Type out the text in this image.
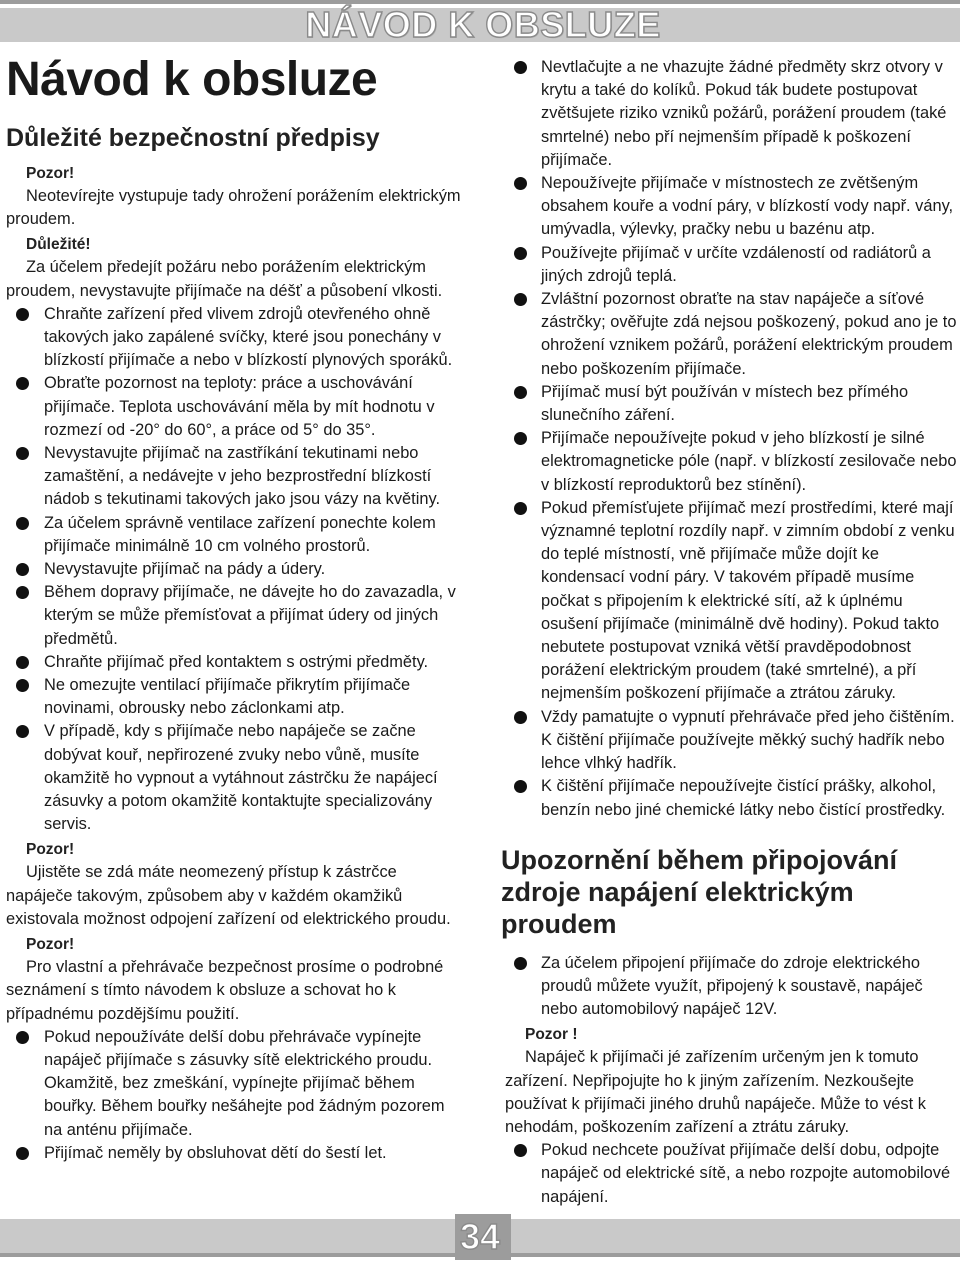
NÁVOD K OBSLUZE
Návod k obsluze
Důležité bezpečnostní předpisy
Pozor!

Neotevírejte vystupuje tady ohrožení porážením elektrickým proudem.

Důležité!

Za účelem předejít požáru nebo porážením elektrickým proudem, nevystavujte přijímače na déšť a působení vlkosti.

Chraňte zařízení před vlivem zdrojů otevřeného ohně takových jako zapálené svíčky, které jsou ponechány v blízkostí přijímače a nebo v blízkostí plynových sporáků.
Obraťte pozornost na teploty: práce a uschovávání přijímače. Teplota uschovávání měla by mít hodnotu v rozmezí od -20° do 60°, a práce od 5° do 35°.
Nevystavujte přijímač na zastříkání tekutinami nebo zamaštění, a nedávejte v jeho bezprostřední blízkostí nádob s tekutinami takových jako jsou vázy na květiny.
Za účelem správně ventilace zařízení ponechte kolem přijímače minimálně 10 cm volného prostorů.
Nevystavujte přijímač na pády a údery.
Během dopravy přijímače, ne dávejte ho do zavazadla, v kterým se může přemísťovat a přijímat údery od jiných předmětů.
Chraňte přijímač před kontaktem s ostrými předměty.
Ne omezujte ventilací přijímače přikrytím přijímače novinami, obrousky nebo záclonkami atp.
V případě, kdy s přijímače nebo napáječe se začne dobývat kouř, nepřirozené zvuky nebo vůně, musíte okamžitě ho vypnout a vytáhnout zástrčku že napájecí zásuvky a potom okamžitě kontaktujte specializovány servis.
Pozor!

Ujistěte se zdá máte neomezený přístup k zástrčce napáječe takovým, způsobem aby v každém okamžiků existovala možnost odpojení zařízení od elektrického proudu.

Pozor!

Pro vlastní a přehrávače bezpečnost prosíme o podrobné seznámení s tímto návodem k obsluze a schovat ho k případnému pozdějšímu použití.

Pokud nepoužíváte delší dobu přehrávače vypínejte napáječ přijímače s zásuvky sítě elektrického proudu. Okamžitě, bez zmeškání, vypínejte přijímač během bouřky. Během bouřky nešáhejte pod žádným pozorem na anténu přijímače.
Přijímač neměly by obsluhovat dětí do šestí let.
Nevtlačujte a ne vhazujte žádné předměty skrz otvory v krytu a také do kolíků. Pokud ták budete postupovat zvětšujete riziko vzniků požárů, porážení proudem (také smrtelné) nebo pří nejmenším případě k poškození přijímače.
Nepoužívejte přijímače v místnostech ze zvětšeným obsahem kouře a vodní páry, v blízkostí vody např. vány, umývadla, výlevky, pračky nebu u bazénu atp.
Používejte přijímač v určíte vzdáleností od radiátorů a jiných zdrojů teplá.
Zvláštní pozornost obraťte na stav napáječe a síťové zástrčky; ověřujte zdá nejsou poškozený, pokud ano je to ohrožení vznikem požárů, porážení elektrickým proudem nebo poškozením přijímače.
Přijímač musí být používán v místech bez přímého slunečního záření.
Přijímače nepoužívejte pokud v jeho blízkostí je silné elektromagneticke póle (např. v blízkostí zesilovače nebo v blízkostí reproduktorů bez stínění).
Pokud přemísťujete přijímač mezí prostředími, které mají významné teplotní rozdíly např. v zimním období z venku do teplé místností, vně přijímače může dojít ke kondensací vodní páry. V takovém případě musíme počkat s připojením k elektrické sítí, až k úplnému osušení přijímače (minimálně dvě hodiny). Pokud takto nebutete postupovat vzniká větší pravděpodobnost porážení elektrickým proudem (také smrtelné), a pří nejmenším poškození přijímače a ztrátou záruky.
Vždy pamatujte o vypnutí přehrávače před jeho čištěním. K čištění přijímače používejte měkký suchý hadřík nebo lehce vlhký hadřík.
K čištění přijímače nepoužívejte čistící prášky, alkohol, benzín nebo jiné chemické látky nebo čistící prostředky.
Upozornění během připojování zdroje napájení elektrickým proudem
Za účelem připojení přijímače do zdroje elektrického proudů můžete využít, připojený k soustavě, napáječ nebo automobilový napáječ 12V.
Pozor !

Napáječ k přijímači jé zařízením určeným jen k tomuto zařízení. Nepřipojujte ho k jiným zařízením. Nezkoušejte používat k přijímači jiného druhů napáječe. Může to vést k nehodám, poškozením zařízení a ztrátu záruky.

Pokud nechcete používat přijímače delší dobu, odpojte napáječ od elektrické sítě, a nebo rozpojte automobilové napájení.
34
